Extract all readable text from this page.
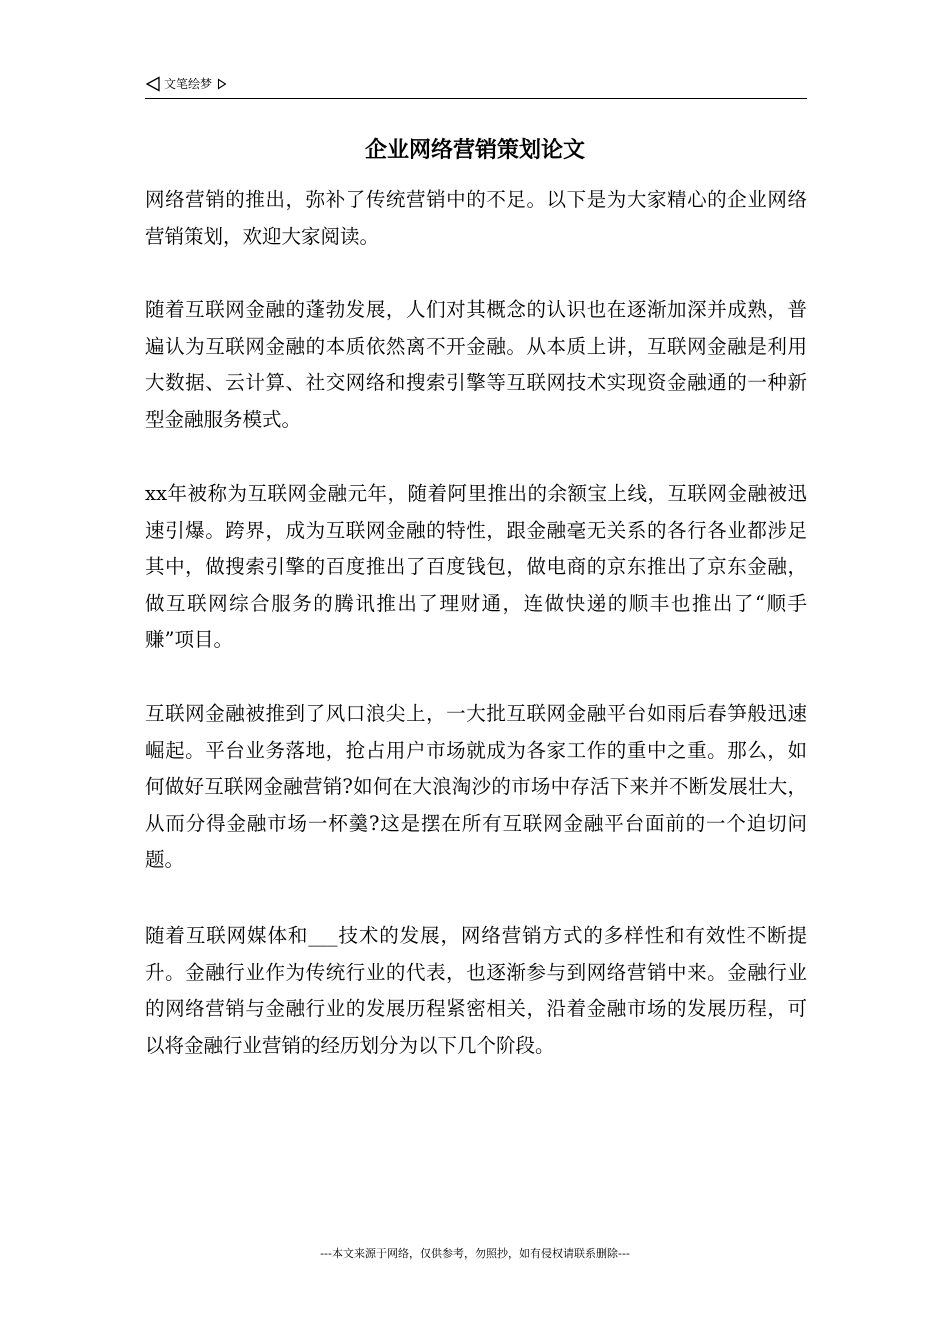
文笔绘梦
企业网络营销策划论文

网络营销的推出，弥补了传统营销中的不足。以下是为大家精心的企业网络营销策划，欢迎大家阅读。

随着互联网金融的蓬勃发展，人们对其概念的认识也在逐渐加深并成熟，普遍认为互联网金融的本质依然离不开金融。从本质上讲，互联网金融是利用大数据、云计算、社交网络和搜索引擎等互联网技术实现资金融通的一种新型金融服务模式。

xx年被称为互联网金融元年，随着阿里推出的余额宝上线，互联网金融被迅速引爆。跨界，成为互联网金融的特性，跟金融毫无关系的各行各业都涉足其中，做搜索引擎的百度推出了百度钱包，做电商的京东推出了京东金融，做互联网综合服务的腾讯推出了理财通，连做快递的顺丰也推出了“顺手赚”项目。

互联网金融被推到了风口浪尖上，一大批互联网金融平台如雨后春笋般迅速崛起。平台业务落地，抢占用户市场就成为各家工作的重中之重。那么，如何做好互联网金融营销?如何在大浪淘沙的市场中存活下来并不断发展壮大，从而分得金融市场一杯羹?这是摆在所有互联网金融平台面前的一个迫切问题。

随着互联网媒体和___技术的发展，网络营销方式的多样性和有效性不断提升。金融行业作为传统行业的代表，也逐渐参与到网络营销中来。金融行业的网络营销与金融行业的发展历程紧密相关，沿着金融市场的发展历程，可以将金融行业营销的经历划分为以下几个阶段。

---本文来源于网络，仅供参考，勿照抄，如有侵权请联系删除---
